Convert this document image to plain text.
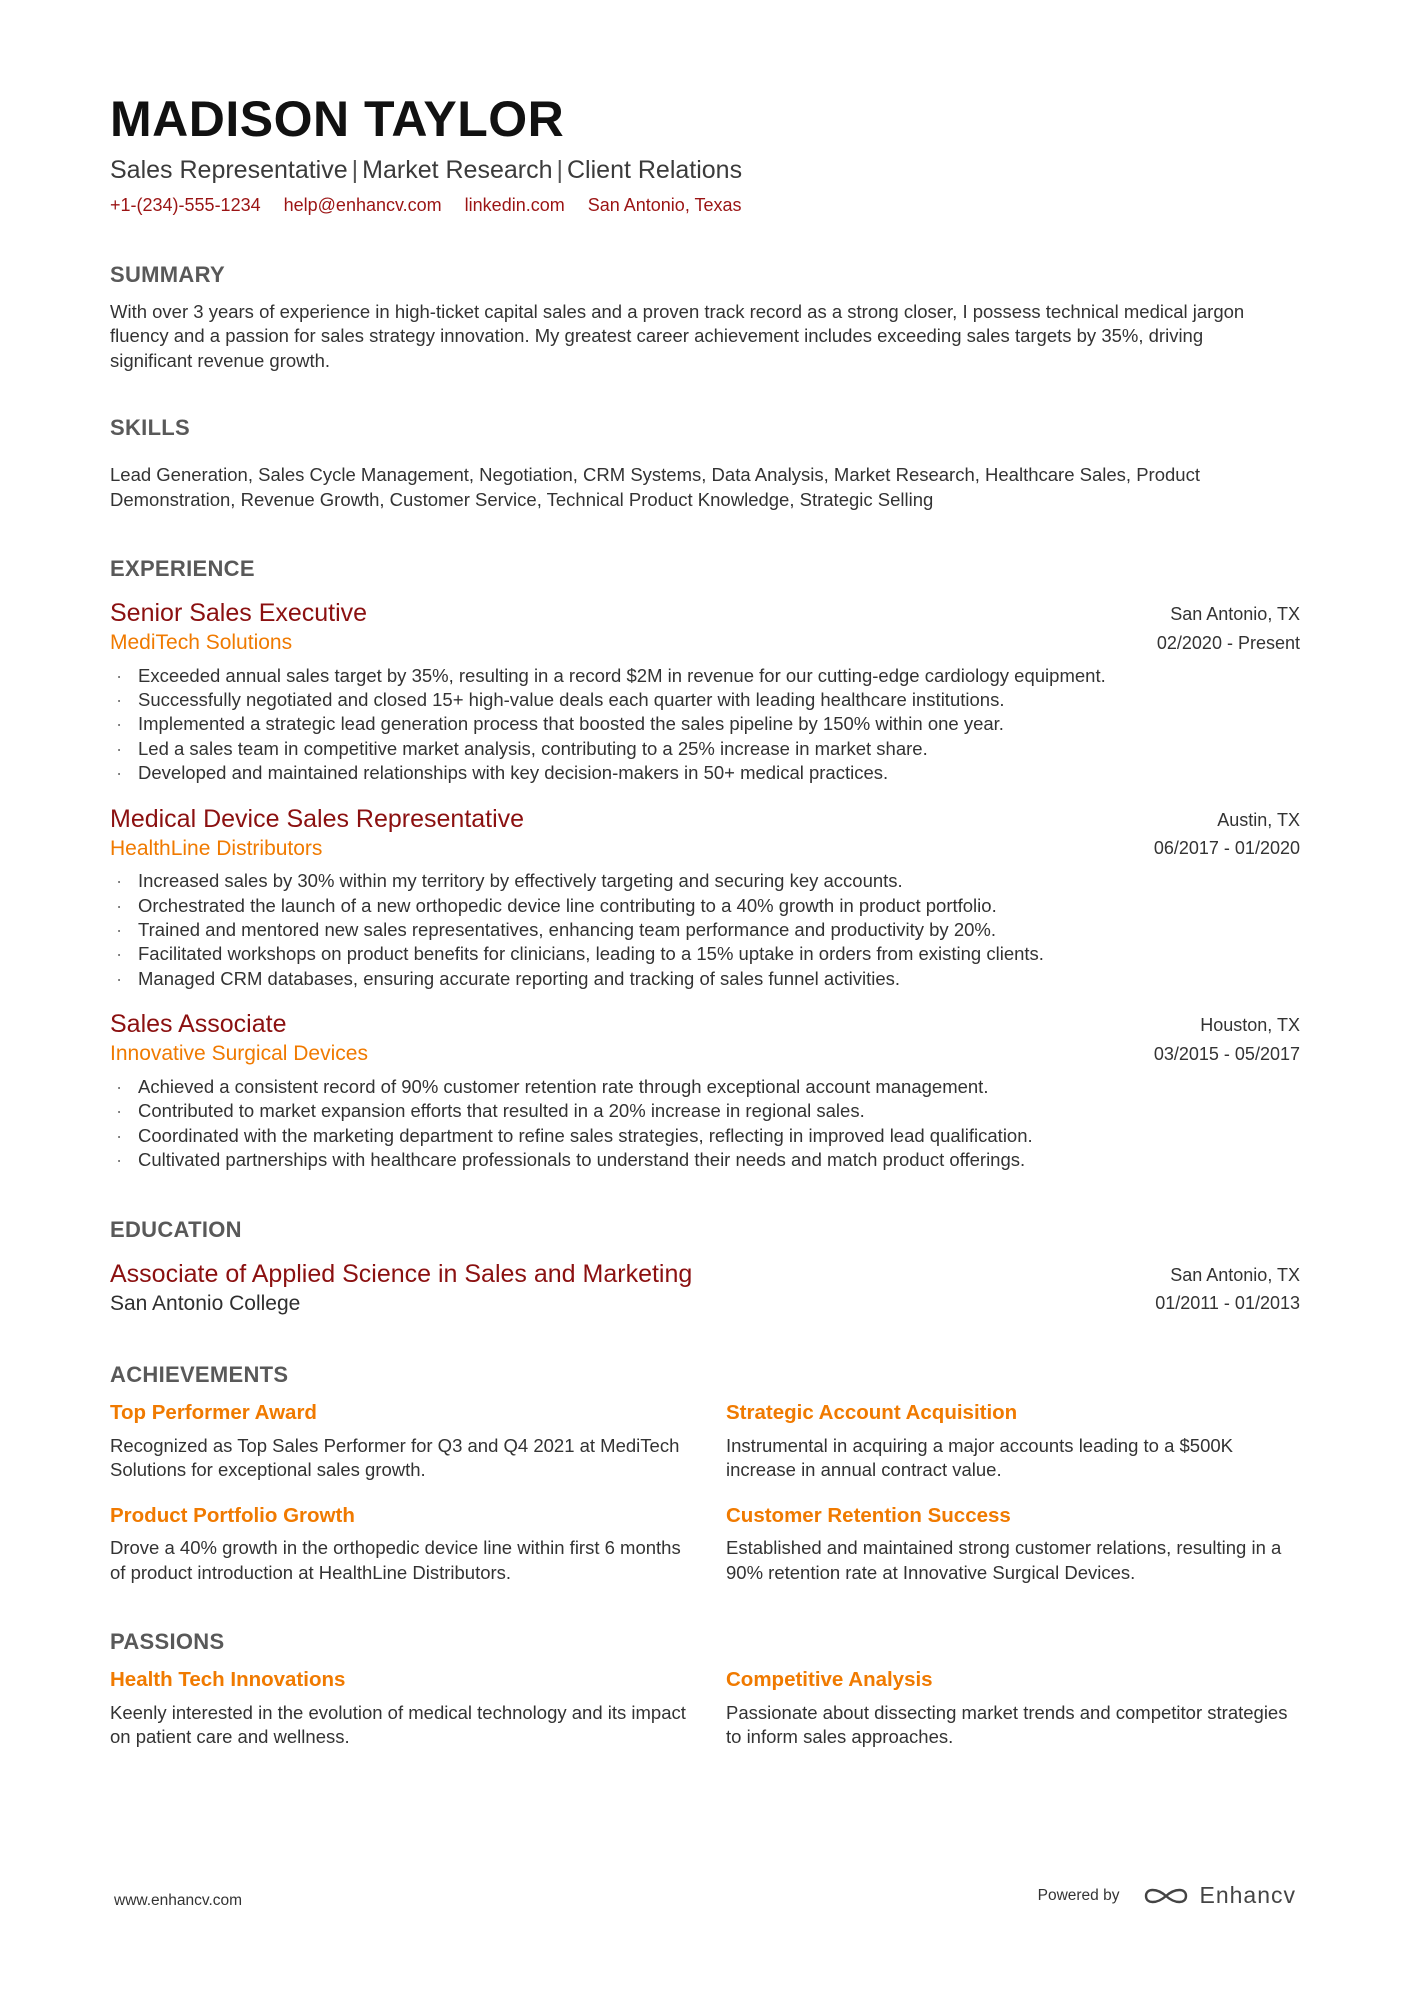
MADISON TAYLOR
Sales Representative | Market Research | Client Relations
+1-(234)-555-1234 help@enhancv.com linkedin.com San Antonio, Texas
SUMMARY
With over 3 years of experience in high-ticket capital sales and a proven track record as a strong closer, I possess technical medical jargon fluency and a passion for sales strategy innovation. My greatest career achievement includes exceeding sales targets by 35%, driving significant revenue growth.
SKILLS
Lead Generation, Sales Cycle Management, Negotiation, CRM Systems, Data Analysis, Market Research, Healthcare Sales, Product Demonstration, Revenue Growth, Customer Service, Technical Product Knowledge, Strategic Selling
EXPERIENCE
Senior Sales Executive
MediTech Solutions
San Antonio, TX
02/2020 - Present
· Exceeded annual sales target by 35%, resulting in a record $2M in revenue for our cutting-edge cardiology equipment.
· Successfully negotiated and closed 15+ high-value deals each quarter with leading healthcare institutions.
· Implemented a strategic lead generation process that boosted the sales pipeline by 150% within one year.
· Led a sales team in competitive market analysis, contributing to a 25% increase in market share.
· Developed and maintained relationships with key decision-makers in 50+ medical practices.
Medical Device Sales Representative
HealthLine Distributors
Austin, TX
06/2017 - 01/2020
· Increased sales by 30% within my territory by effectively targeting and securing key accounts.
· Orchestrated the launch of a new orthopedic device line contributing to a 40% growth in product portfolio.
· Trained and mentored new sales representatives, enhancing team performance and productivity by 20%.
· Facilitated workshops on product benefits for clinicians, leading to a 15% uptake in orders from existing clients.
· Managed CRM databases, ensuring accurate reporting and tracking of sales funnel activities.
Sales Associate
Innovative Surgical Devices
Houston, TX
03/2015 - 05/2017
· Achieved a consistent record of 90% customer retention rate through exceptional account management.
· Contributed to market expansion efforts that resulted in a 20% increase in regional sales.
· Coordinated with the marketing department to refine sales strategies, reflecting in improved lead qualification.
· Cultivated partnerships with healthcare professionals to understand their needs and match product offerings.
EDUCATION
Associate of Applied Science in Sales and Marketing
San Antonio College
San Antonio, TX
01/2011 - 01/2013
ACHIEVEMENTS
Top Performer Award
Recognized as Top Sales Performer for Q3 and Q4 2021 at MediTech Solutions for exceptional sales growth.
Strategic Account Acquisition
Instrumental in acquiring a major accounts leading to a $500K increase in annual contract value.
Product Portfolio Growth
Drove a 40% growth in the orthopedic device line within first 6 months of product introduction at HealthLine Distributors.
Customer Retention Success
Established and maintained strong customer relations, resulting in a 90% retention rate at Innovative Surgical Devices.
PASSIONS
Health Tech Innovations
Keenly interested in the evolution of medical technology and its impact on patient care and wellness.
Competitive Analysis
Passionate about dissecting market trends and competitor strategies to inform sales approaches.
www.enhancv.com	Powered by	Enhancv
